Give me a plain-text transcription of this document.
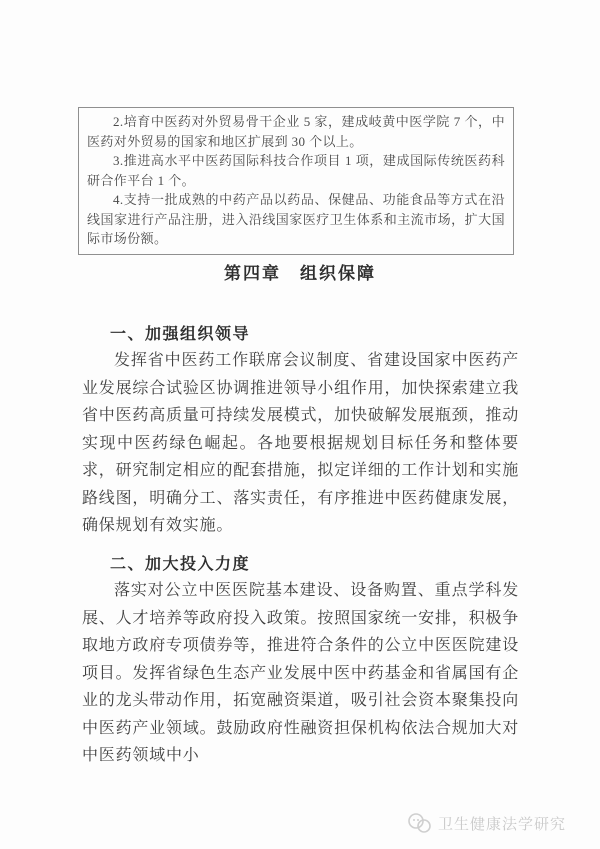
2.培育中医药对外贸易骨干企业 5 家，建成岐黄中医学院 7 个，中医药对外贸易的国家和地区扩展到 30 个以上。

3.推进高水平中医药国际科技合作项目 1 项，建成国际传统医药科研合作平台 1 个。

4.支持一批成熟的中药产品以药品、保健品、功能食品等方式在沿线国家进行产品注册，进入沿线国家医疗卫生体系和主流市场，扩大国际市场份额。

第四章　组织保障
一、加强组织领导

发挥省中医药工作联席会议制度、省建设国家中医药产业发展综合试验区协调推进领导小组作用，加快探索建立我省中医药高质量可持续发展模式，加快破解发展瓶颈，推动实现中医药绿色崛起。各地要根据规划目标任务和整体要求，研究制定相应的配套措施，拟定详细的工作计划和实施路线图，明确分工、落实责任，有序推进中医药健康发展，确保规划有效实施。

二、加大投入力度

落实对公立中医医院基本建设、设备购置、重点学科发展、人才培养等政府投入政策。按照国家统一安排，积极争取地方政府专项债券等，推进符合条件的公立中医医院建设项目。发挥省绿色生态产业发展中医中药基金和省属国有企业的龙头带动作用，拓宽融资渠道，吸引社会资本聚集投向中医药产业领域。鼓励政府性融资担保机构依法合规加大对中医药领域中小

卫生健康法学研究
